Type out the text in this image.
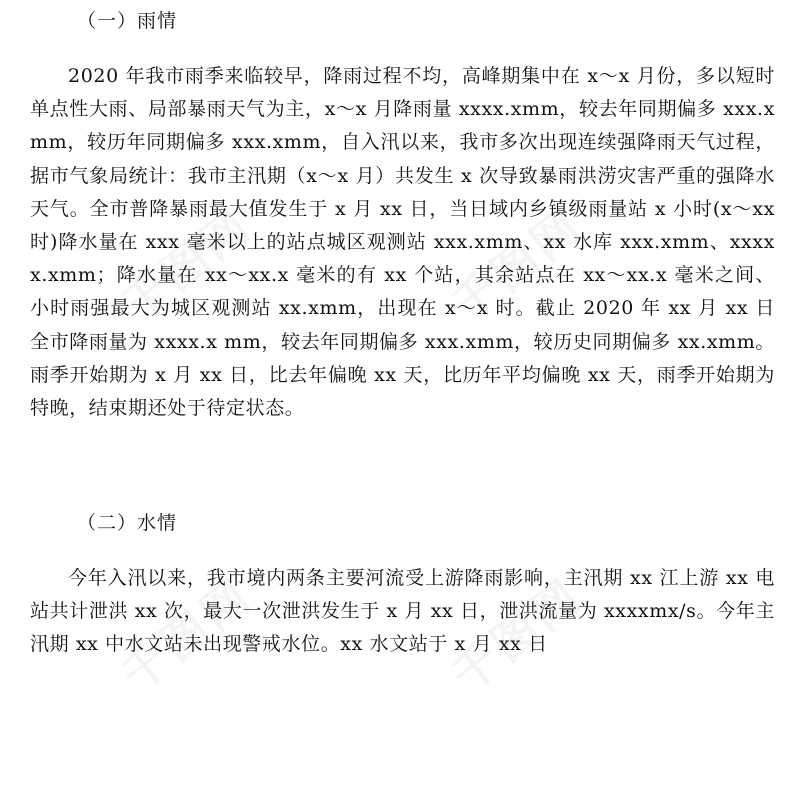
千图网	千图网
千图网	千图网
（一）雨情

2020 年我市雨季来临较早，降雨过程不均，高峰期集中在 x～x 月份，多以短时单点性大雨、局部暴雨天气为主，x～x 月降雨量 xxxx.xmm，较去年同期偏多 xxx.xmm，较历年同期偏多 xxx.xmm，自入汛以来，我市多次出现连续强降雨天气过程，据市气象局统计：我市主汛期（x～x 月）共发生 x 次导致暴雨洪涝灾害严重的强降水天气。全市普降暴雨最大值发生于 x 月 xx 日，当日域内乡镇级雨量站 x 小时(x～xx 时)降水量在 xxx 毫米以上的站点城区观测站 xxx.xmm、xx 水库 xxx.xmm、xxxxx.xmm；降水量在 xx～xx.x 毫米的有 xx 个站，其余站点在 xx～xx.x 毫米之间、小时雨强最大为城区观测站 xx.xmm，出现在 x～x 时。截止 2020 年 xx 月 xx 日全市降雨量为 xxxx.x mm，较去年同期偏多 xxx.xmm，较历史同期偏多 xx.xmm。雨季开始期为 x 月 xx 日，比去年偏晚 xx 天，比历年平均偏晚 xx 天，雨季开始期为特晚，结束期还处于待定状态。

（二）水情

今年入汛以来，我市境内两条主要河流受上游降雨影响，主汛期 xx 江上游 xx 电站共计泄洪 xx 次，最大一次泄洪发生于 x 月 xx 日，泄洪流量为 xxxxmx/s。今年主汛期 xx 中水文站未出现警戒水位。xx 水文站于 x 月 xx 日
